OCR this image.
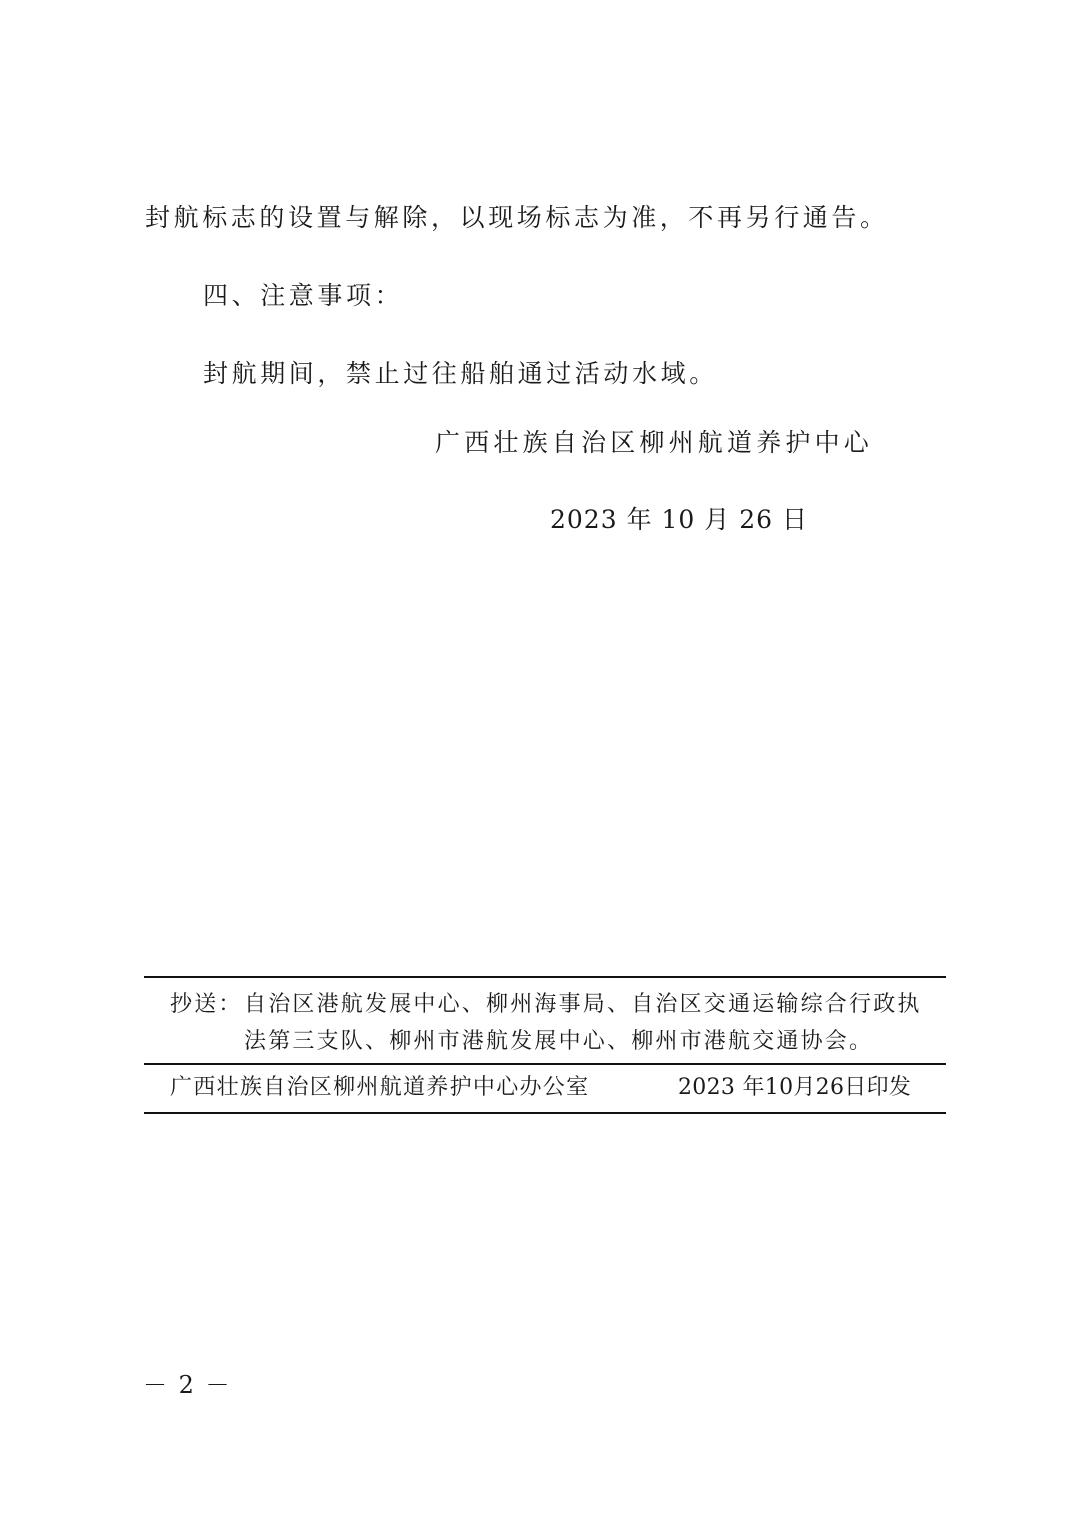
封航标志的设置与解除，以现场标志为准，不再另行通告。
四、注意事项：
封航期间，禁止过往船舶通过活动水域。
广西壮族自治区柳州航道养护中心
2023 年 10 月 26 日
抄送： 自治区港航发展中心、柳州海事局、自治区交通运输综合行政执
法第三支队、柳州市港航发展中心、柳州市港航交通协会。
广西壮族自治区柳州航道养护中心办公室	2023 年10月26日印发
－ 2 －
